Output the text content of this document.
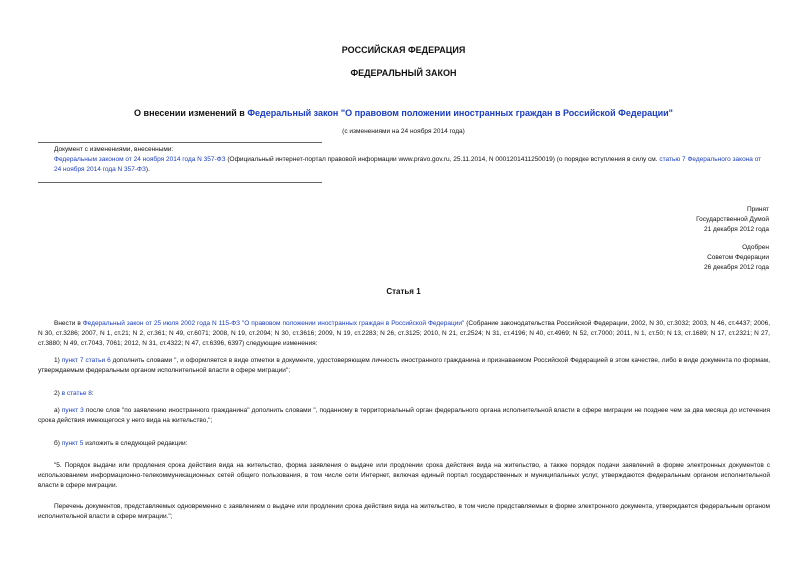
РОССИЙСКАЯ ФЕДЕРАЦИЯ
ФЕДЕРАЛЬНЫЙ ЗАКОН
О внесении изменений в Федеральный закон "О правовом положении иностранных граждан в Российской Федерации"
(с изменениями на 24 ноября 2014 года)
Документ с изменениями, внесенными:
Федеральным законом от 24 ноября 2014 года N 357-ФЗ (Официальный интернет-портал правовой информации www.pravo.gov.ru, 25.11.2014, N 0001201411250019) (о порядке вступления в силу см. статью 7 Федерального закона от 24 ноября 2014 года N 357-ФЗ).
Принят
Государственной Думой
21 декабря 2012 года
Одобрен
Советом Федерации
26 декабря 2012 года
Статья 1
Внести в Федеральный закон от 25 июля 2002 года N 115-ФЗ "О правовом положении иностранных граждан в Российской Федерации" (Собрание законодательства Российской Федерации, 2002, N 30, ст.3032; 2003, N 46, ст.4437; 2006, N 30, ст.3286; 2007, N 1, ст.21; N 2, ст.361; N 49, ст.6071; 2008, N 19, ст.2094; N 30, ст.3616; 2009, N 19, ст.2283; N 26, ст.3125; 2010, N 21, ст.2524; N 31, ст.4196; N 40, ст.4969; N 52, ст.7000; 2011, N 1, ст.50; N 13, ст.1689; N 17, ст.2321; N 27, ст.3880; N 49, ст.7043, 7061; 2012, N 31, ст.4322; N 47, ст.6396, 6397) следующие изменения:
1) пункт 7 статьи 6 дополнить словами ", и оформляется в виде отметки в документе, удостоверяющем личность иностранного гражданина и признаваемом Российской Федерацией в этом качестве, либо в виде документа по формам, утверждаемым федеральным органом исполнительной власти в сфере миграции";
2) в статье 8:
а) пункт 3 после слов "по заявлению иностранного гражданина" дополнить словами ", поданному в территориальный орган федерального органа исполнительной власти в сфере миграции не позднее чем за два месяца до истечения срока действия имеющегося у него вида на жительство,";
б) пункт 5 изложить в следующей редакции:
"5. Порядок выдачи или продления срока действия вида на жительство, форма заявления о выдаче или продлении срока действия вида на жительство, а также порядок подачи заявлений в форме электронных документов с использованием информационно-телекоммуникационных сетей общего пользования, в том числе сети Интернет, включая единый портал государственных и муниципальных услуг, утверждаются федеральным органом исполнительной власти в сфере миграции.
Перечень документов, представляемых одновременно с заявлением о выдаче или продлении срока действия вида на жительство, в том числе представляемых в форме электронного документа, утверждается федеральным органом исполнительной власти в сфере миграции.";
